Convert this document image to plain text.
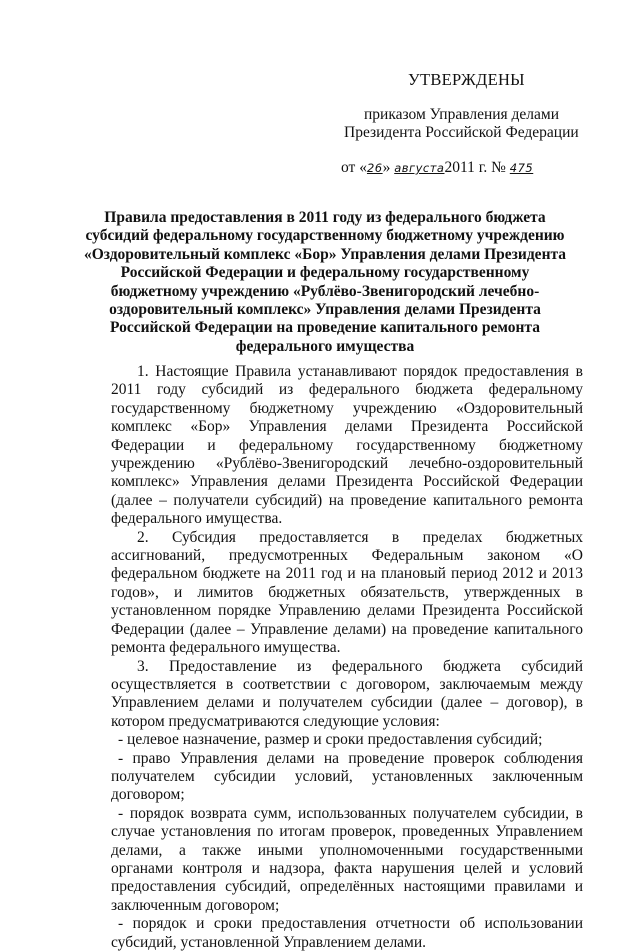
УТВЕРЖДЕНЫ
приказом Управления делами
Президента Российской Федерации
от «26» августа2011 г. № 475
Правила предоставления в 2011 году из федерального бюджета субсидий федеральному государственному бюджетному учреждению «Оздоровительный комплекс «Бор» Управления делами Президента Российской Федерации и федеральному государственному бюджетному учреждению «Рублёво-Звенигородский лечебно-оздоровительный комплекс» Управления делами Президента Российской Федерации на проведение капитального ремонта федерального имущества

1. Настоящие Правила устанавливают порядок предоставления в 2011 году субсидий из федерального бюджета федеральному государственному бюджетному учреждению «Оздоровительный комплекс «Бор» Управления делами Президента Российской Федерации и федеральному государственному бюджетному учреждению «Рублёво-Звенигородский лечебно-оздоровительный комплекс» Управления делами Президента Российской Федерации (далее – получатели субсидий) на проведение капитального ремонта федерального имущества.

2. Субсидия предоставляется в пределах бюджетных ассигнований, предусмотренных Федеральным законом «О федеральном бюджете на 2011 год и на плановый период 2012 и 2013 годов», и лимитов бюджетных обязательств, утвержденных в установленном порядке Управлению делами Президента Российской Федерации (далее – Управление делами) на проведение капитального ремонта федерального имущества.

3. Предоставление из федерального бюджета субсидий осуществляется в соответствии с договором, заключаемым между Управлением делами и получателем субсидии (далее – договор), в котором предусматриваются следующие условия:

- целевое назначение, размер и сроки предоставления субсидий;

- право Управления делами на проведение проверок соблюдения получателем субсидии условий, установленных заключенным договором;

- порядок возврата сумм, использованных получателем субсидии, в случае установления по итогам проверок, проведенных Управлением делами, а также иными уполномоченными государственными органами контроля и надзора, факта нарушения целей и условий предоставления субсидий, определённых настоящими правилами и заключенным договором;

- порядок и сроки предоставления отчетности об использовании субсидий, установленной Управлением делами.
